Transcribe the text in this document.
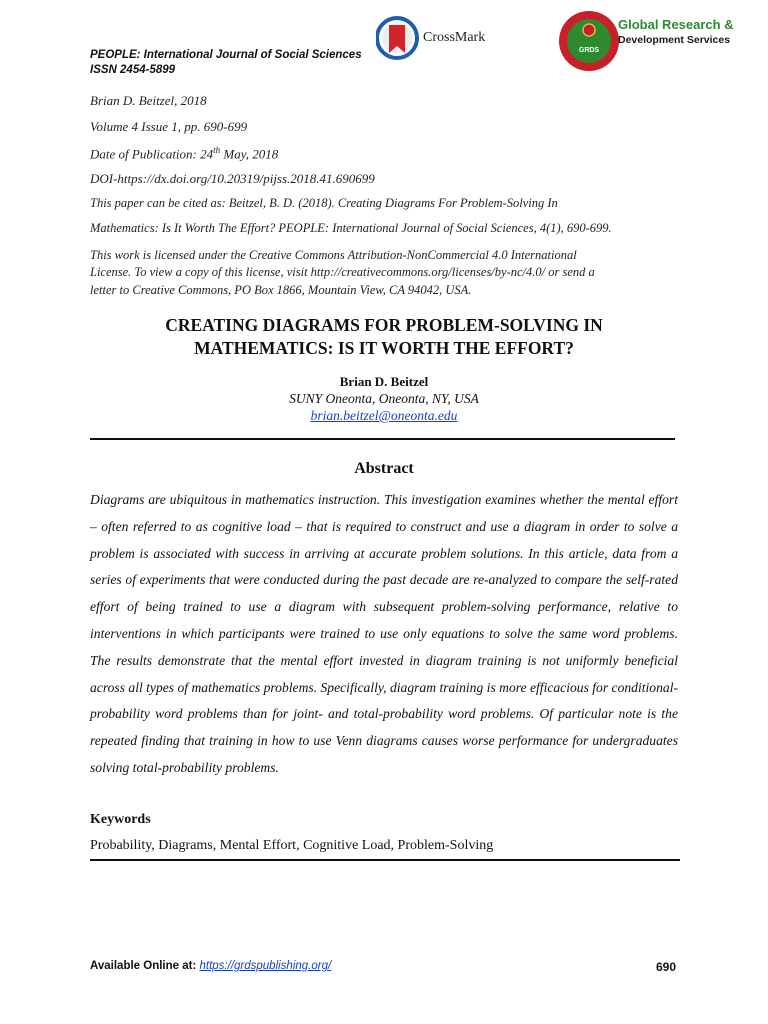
PEOPLE: International Journal of Social Sciences
ISSN 2454-5899
CrossMark
GRDS
Global Research &
Development Services
Brian D. Beitzel, 2018
Volume 4 Issue 1, pp. 690-699
Date of Publication: 24th May, 2018
DOI-https://dx.doi.org/10.20319/pijss.2018.41.690699
This paper can be cited as: Beitzel, B. D. (2018). Creating Diagrams For Problem-Solving In
Mathematics: Is It Worth The Effort? PEOPLE: International Journal of Social Sciences, 4(1), 690-699.
This work is licensed under the Creative Commons Attribution-NonCommercial 4.0 International
License. To view a copy of this license, visit http://creativecommons.org/licenses/by-nc/4.0/ or send a
letter to Creative Commons, PO Box 1866, Mountain View, CA 94042, USA.
CREATING DIAGRAMS FOR PROBLEM-SOLVING IN
MATHEMATICS: IS IT WORTH THE EFFORT?
Brian D. Beitzel
SUNY Oneonta, Oneonta, NY, USA
brian.beitzel@oneonta.edu
Abstract
Diagrams are ubiquitous in mathematics instruction. This investigation examines whether the mental effort – often referred to as cognitive load – that is required to construct and use a diagram in order to solve a problem is associated with success in arriving at accurate problem solutions. In this article, data from a series of experiments that were conducted during the past decade are re-analyzed to compare the self-rated effort of being trained to use a diagram with subsequent problem-solving performance, relative to interventions in which participants were trained to use only equations to solve the same word problems. The results demonstrate that the mental effort invested in diagram training is not uniformly beneficial across all types of mathematics problems. Specifically, diagram training is more efficacious for conditional-probability word problems than for joint- and total-probability word problems. Of particular note is the repeated finding that training in how to use Venn diagrams causes worse performance for undergraduates solving total-probability problems.
Keywords
Probability, Diagrams, Mental Effort, Cognitive Load, Problem-Solving
Available Online at: https://grdspublishing.org/	690
